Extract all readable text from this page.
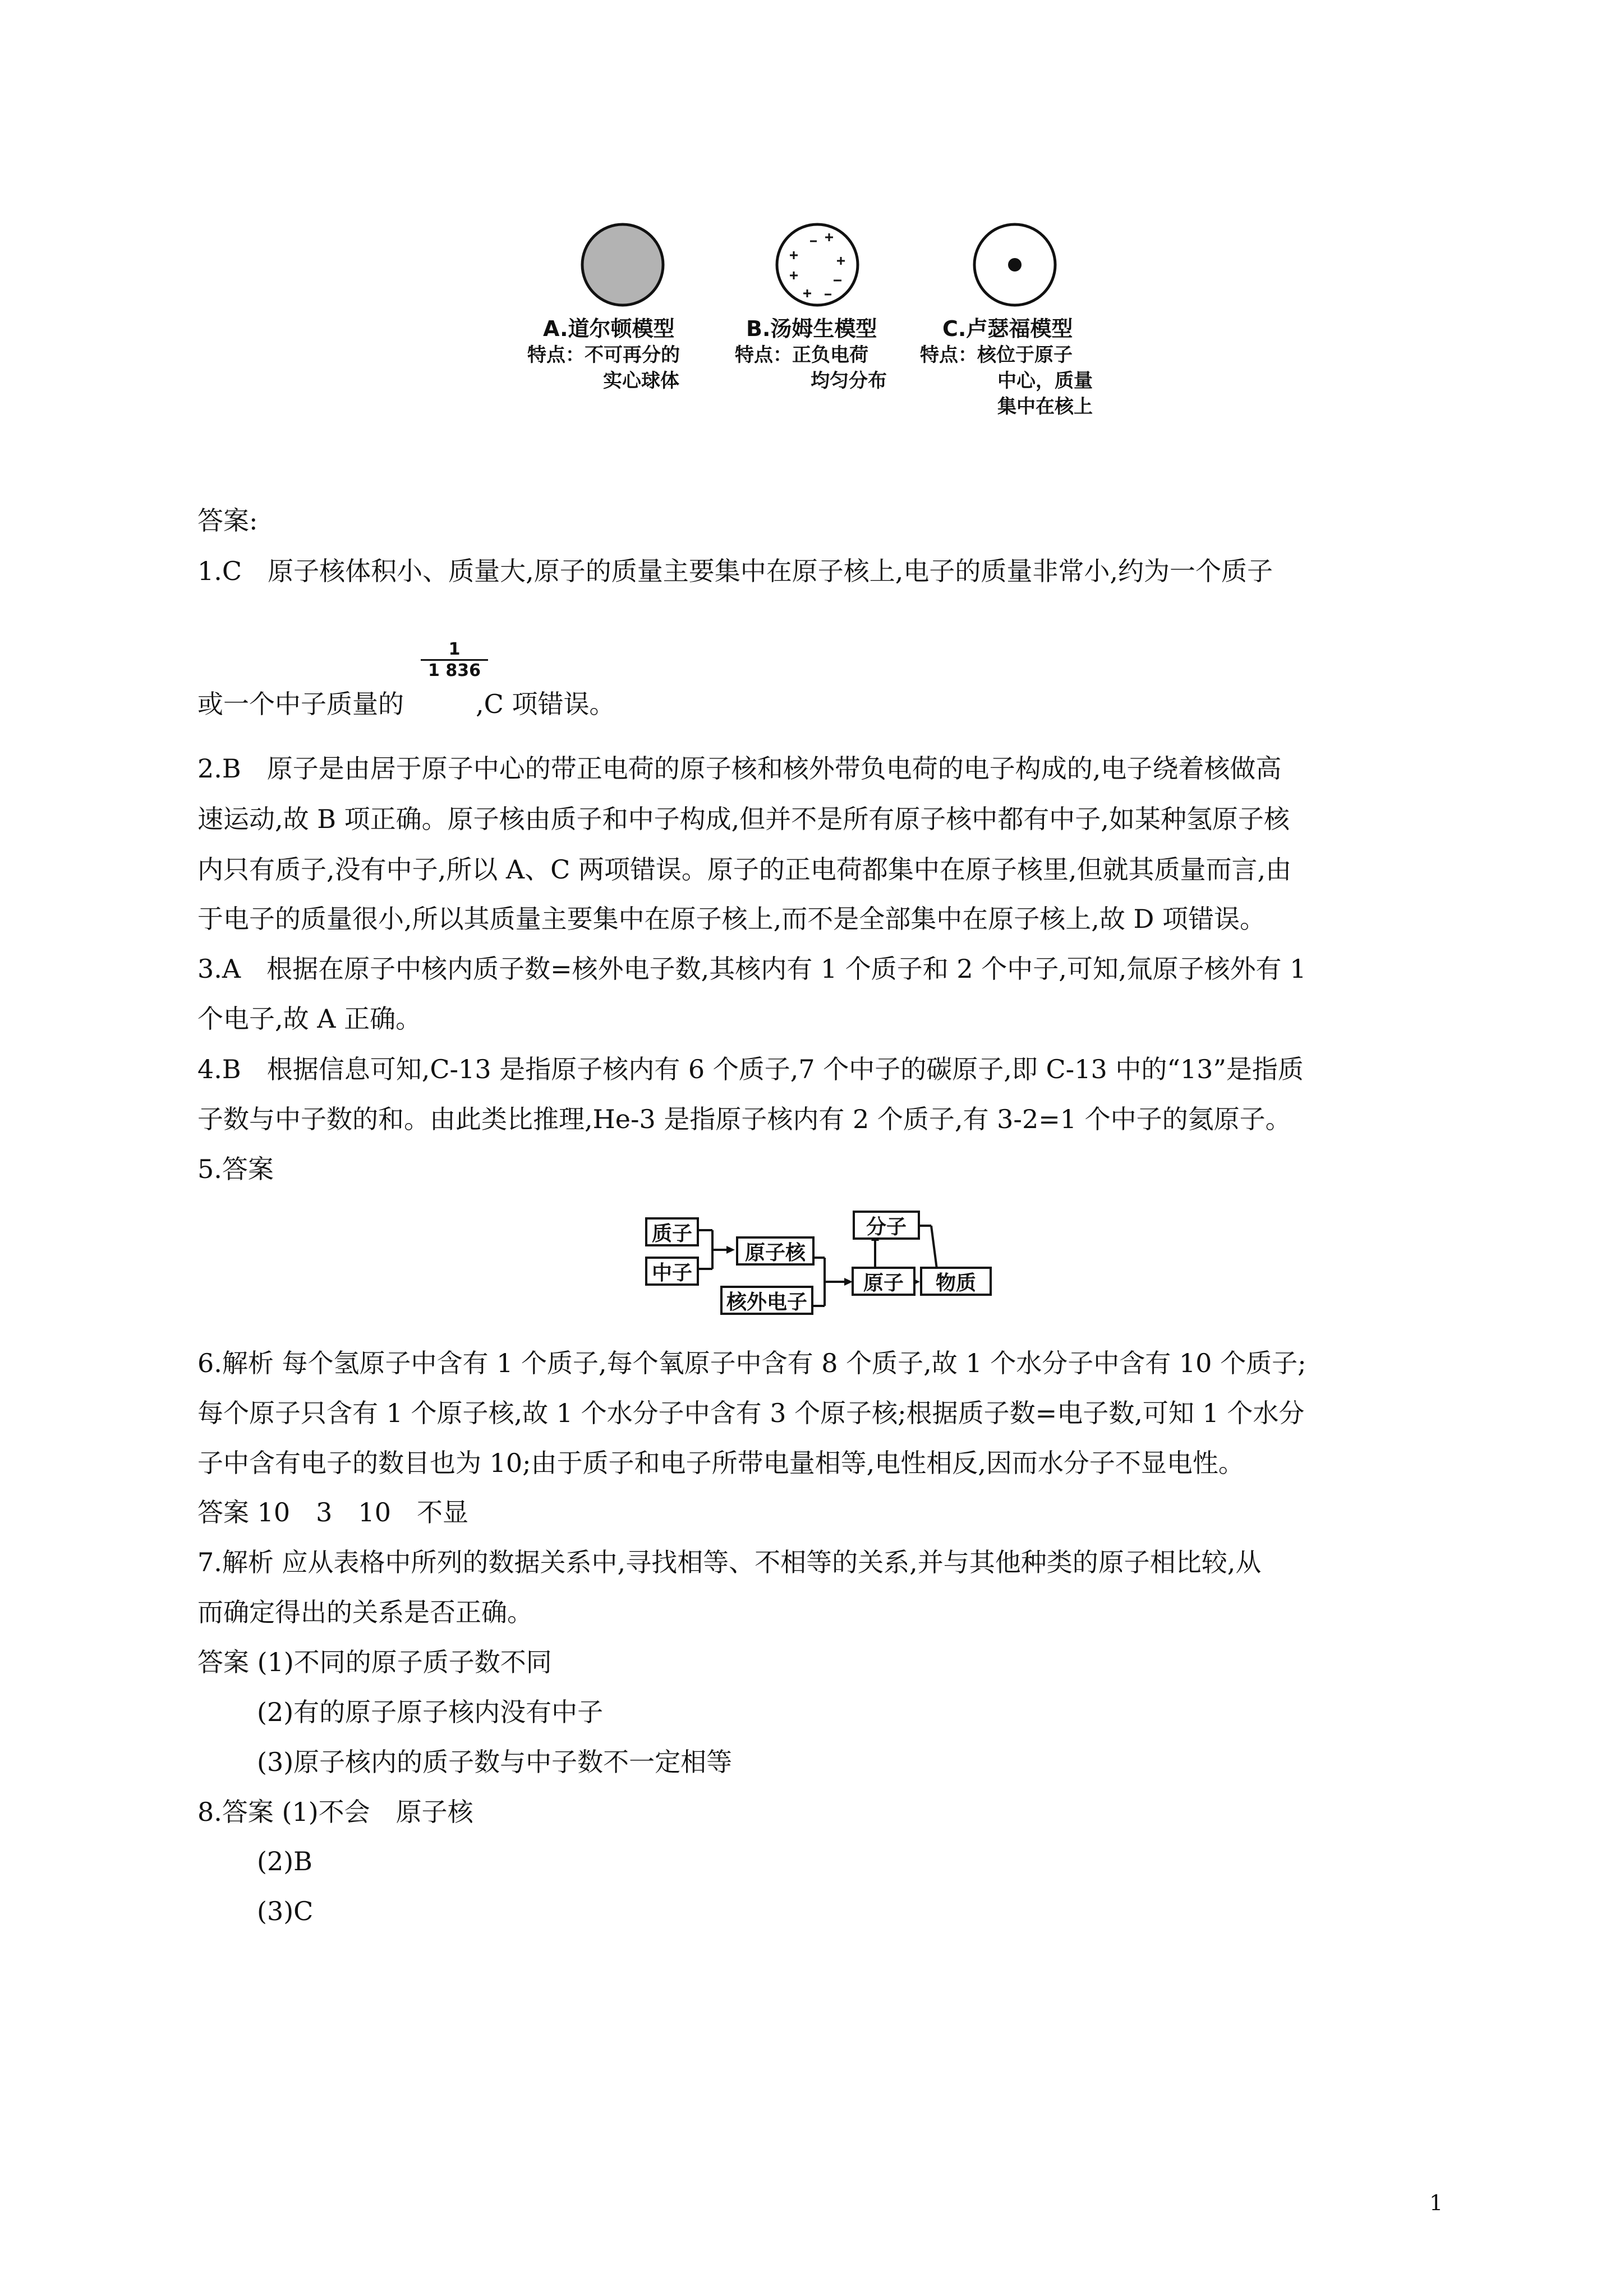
A.道尔顿模型	B.汤姆生模型	C.卢瑟福模型
特点：不可再分的
实心球体
特点：正负电荷
均匀分布
特点：核位于原子
中心，质量
集中在核上
答案:
1.C　原子核体积小、质量大,原子的质量主要集中在原子核上,电子的质量非常小,约为一个质子
$\frac{1}{1 836}$
或一个中子质量的	,C 项错误。
2.B　原子是由居于原子中心的带正电荷的原子核和核外带负电荷的电子构成的,电子绕着核做高
速运动,故 B 项正确。原子核由质子和中子构成,但并不是所有原子核中都有中子,如某种氢原子核
内只有质子,没有中子,所以 A、C 两项错误。原子的正电荷都集中在原子核里,但就其质量而言,由
于电子的质量很小,所以其质量主要集中在原子核上,而不是全部集中在原子核上,故 D 项错误。
3.A　根据在原子中核内质子数=核外电子数,其核内有 1 个质子和 2 个中子,可知,氚原子核外有 1
个电子,故 A 正确。
4.B　根据信息可知,C-13 是指原子核内有 6 个质子,7 个中子的碳原子,即 C-13 中的“13”是指质
子数与中子数的和。由此类比推理,He-3 是指原子核内有 2 个质子,有 3-2=1 个中子的氦原子。
5.答案
质子
中子
原子核
核外电子
分子
原子	物质
6.解析 每个氢原子中含有 1 个质子,每个氧原子中含有 8 个质子,故 1 个水分子中含有 10 个质子;
每个原子只含有 1 个原子核,故 1 个水分子中含有 3 个原子核;根据质子数=电子数,可知 1 个水分
子中含有电子的数目也为 10;由于质子和电子所带电量相等,电性相反,因而水分子不显电性。
答案 10　3　10　不显
7.解析 应从表格中所列的数据关系中,寻找相等、不相等的关系,并与其他种类的原子相比较,从
而确定得出的关系是否正确。
答案 (1)不同的原子质子数不同
(2)有的原子原子核内没有中子
(3)原子核内的质子数与中子数不一定相等
8.答案 (1)不会　原子核
(2)B
(3)C
1
